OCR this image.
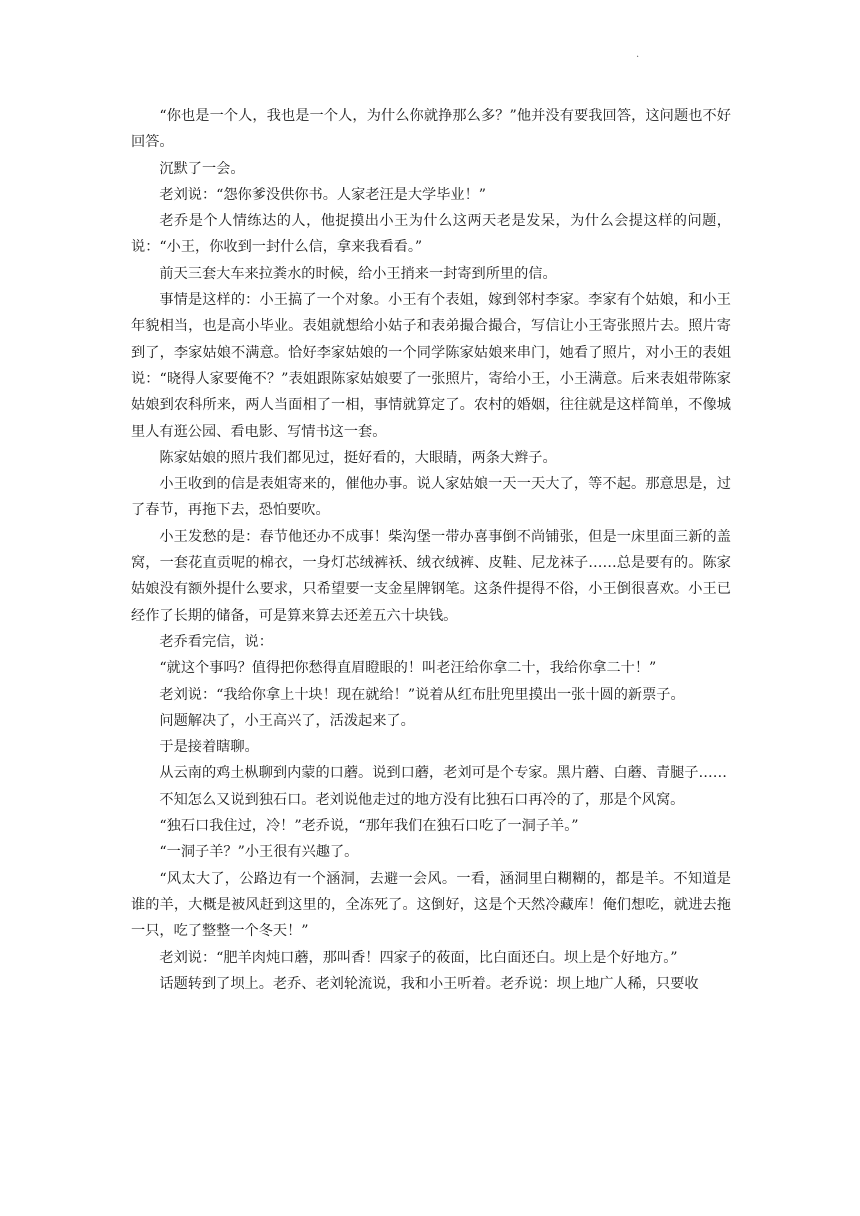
.

“你也是一个人，我也是一个人，为什么你就挣那么多？”他并没有要我回答，这问题也不好回答。

沉默了一会。

老刘说：“怨你爹没供你书。人家老汪是大学毕业！”

老乔是个人情练达的人，他捉摸出小王为什么这两天老是发呆，为什么会提这样的问题，说：“小王，你收到一封什么信，拿来我看看。”

前天三套大车来拉粪水的时候，给小王捎来一封寄到所里的信。

事情是这样的：小王搞了一个对象。小王有个表姐，嫁到邻村李家。李家有个姑娘，和小王年貌相当，也是高小毕业。表姐就想给小姑子和表弟撮合撮合，写信让小王寄张照片去。照片寄到了，李家姑娘不满意。恰好李家姑娘的一个同学陈家姑娘来串门，她看了照片，对小王的表姐说：“晓得人家要俺不？”表姐跟陈家姑娘要了一张照片，寄给小王，小王满意。后来表姐带陈家姑娘到农科所来，两人当面相了一相，事情就算定了。农村的婚姻，往往就是这样简单，不像城里人有逛公园、看电影、写情书这一套。

陈家姑娘的照片我们都见过，挺好看的，大眼睛，两条大辫子。

小王收到的信是表姐寄来的，催他办事。说人家姑娘一天一天大了，等不起。那意思是，过了春节，再拖下去，恐怕要吹。

小王发愁的是：春节他还办不成事！柴沟堡一带办喜事倒不尚铺张，但是一床里面三新的盖窝，一套花直贡呢的棉衣，一身灯芯绒裤袄、绒衣绒裤、皮鞋、尼龙袜子……总是要有的。陈家姑娘没有额外提什么要求，只希望要一支金星牌钢笔。这条件提得不俗，小王倒很喜欢。小王已经作了长期的储备，可是算来算去还差五六十块钱。

老乔看完信，说：

“就这个事吗？值得把你愁得直眉瞪眼的！叫老汪给你拿二十，我给你拿二十！”

老刘说：“我给你拿上十块！现在就给！”说着从红布肚兜里摸出一张十圆的新票子。

问题解决了，小王高兴了，活泼起来了。

于是接着瞎聊。

从云南的鸡土枞聊到内蒙的口蘑。说到口蘑，老刘可是个专家。黑片蘑、白蘑、青腿子……

不知怎么又说到独石口。老刘说他走过的地方没有比独石口再冷的了，那是个风窝。

“独石口我住过，冷！”老乔说，“那年我们在独石口吃了一洞子羊。”

“一洞子羊？”小王很有兴趣了。

“风太大了，公路边有一个涵洞，去避一会风。一看，涵洞里白糊糊的，都是羊。不知道是谁的羊，大概是被风赶到这里的，全冻死了。这倒好，这是个天然冷藏库！俺们想吃，就进去拖一只，吃了整整一个冬天！”

老刘说：“肥羊肉炖口蘑，那叫香！四家子的莜面，比白面还白。坝上是个好地方。”

话题转到了坝上。老乔、老刘轮流说，我和小王听着。老乔说：坝上地广人稀，只要收
